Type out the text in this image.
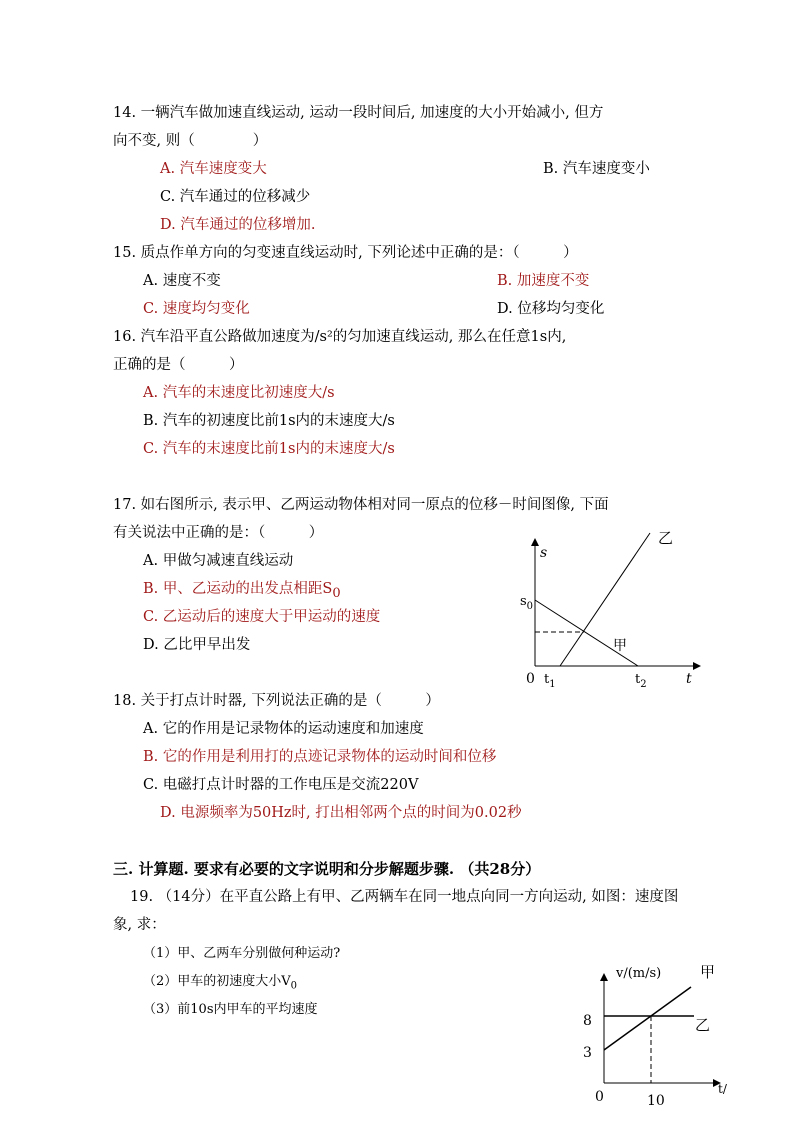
14. 一辆汽车做加速直线运动, 运动一段时间后, 加速度的大小开始减小, 但方
向不变, 则（　　　　）
A. 汽车速度变大	B. 汽车速度变小
C. 汽车通过的位移减少
D. 汽车通过的位移增加.
15. 质点作单方向的匀变速直线运动时, 下列论述中正确的是：（　　　）
A. 速度不变	B. 加速度不变
C. 速度均匀变化	D. 位移均匀变化
16. 汽车沿平直公路做加速度为/s²的匀加速直线运动, 那么在任意1s内,
正确的是（　　　）
A. 汽车的末速度比初速度大/s
B. 汽车的初速度比前1s内的末速度大/s
C. 汽车的末速度比前1s内的末速度大/s
17. 如右图所示, 表示甲、乙两运动物体相对同一原点的位移－时间图像, 下面
有关说法中正确的是：（　　　）
A. 甲做匀减速直线运动
B. 甲、乙运动的出发点相距$S_0$
C. 乙运动后的速度大于甲运动的速度
D. 乙比甲早出发
s
t
0
$s_0$
$t_1$	$t_2$
甲
乙
18. 关于打点计时器, 下列说法正确的是（　　　）
A. 它的作用是记录物体的运动速度和加速度
B. 它的作用是利用打的点迹记录物体的运动时间和位移
C. 电磁打点计时器的工作电压是交流220V
D. 电源频率为50Hz时, 打出相邻两个点的时间为0.02秒
三. 计算题. 要求有必要的文字说明和分步解题步骤. （共28分）
19. （14分）在平直公路上有甲、乙两辆车在同一地点向同一方向运动, 如图：速度图
象, 求：
（1）甲、乙两车分别做何种运动?
（2）甲车的初速度大小$V_0$
（3）前10s内甲车的平均速度
v/(m/s)
t/
0
8
3
10
甲
乙
